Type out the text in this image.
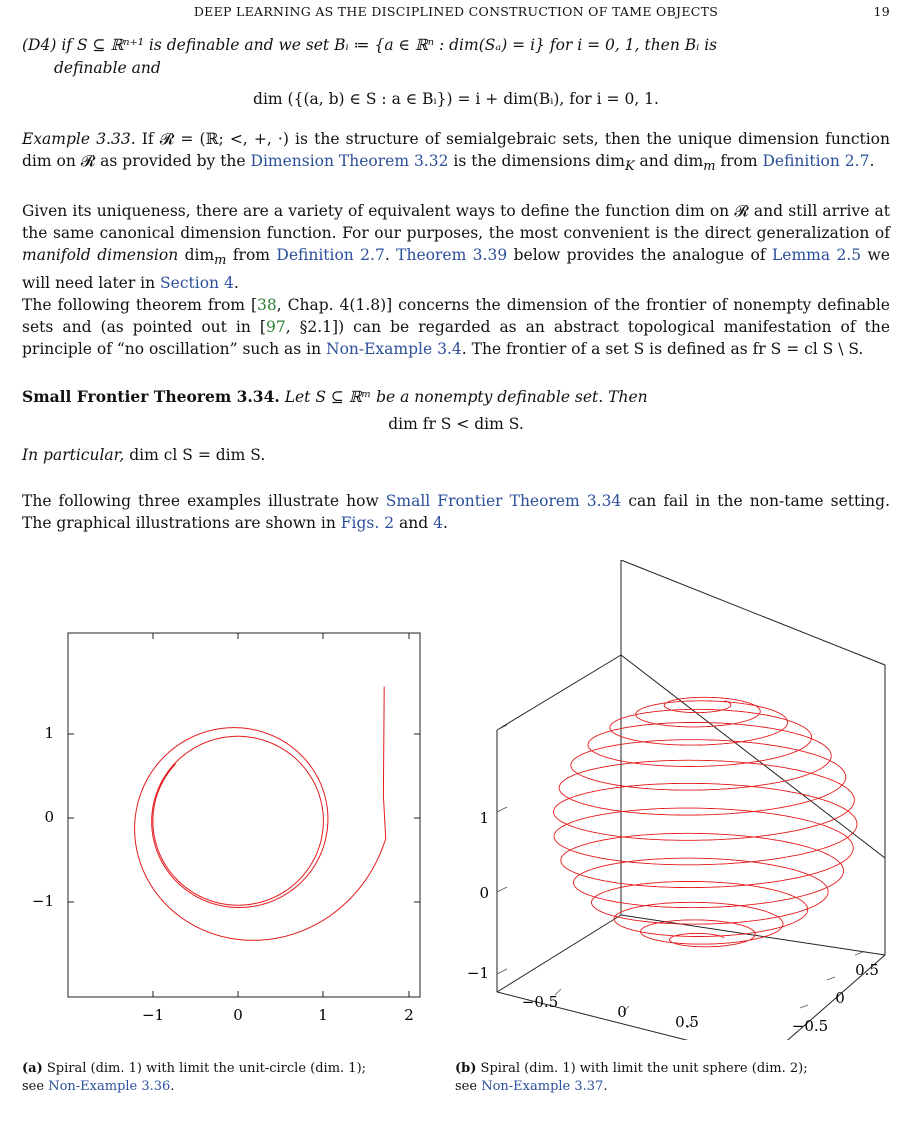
DEEP LEARNING AS THE DISCIPLINED CONSTRUCTION OF TAME OBJECTS	19
(D4) if S ⊆ ℝⁿ⁺¹ is definable and we set Bᵢ ≔ {a ∈ ℝⁿ : dim(Sₐ) = i} for i = 0, 1, then Bᵢ is
definable and
dim ({(a, b) ∈ S : a ∈ Bᵢ}) = i + dim(Bᵢ), for i = 0, 1.
Example 3.33. If 𝓡 = (ℝ; <, +, ·) is the structure of semialgebraic sets, then the unique dimension function dim on 𝓡 as provided by the Dimension Theorem 3.32 is the dimensions dim$_K$ and dim$_m$ from Definition 2.7.
Given its uniqueness, there are a variety of equivalent ways to define the function dim on 𝓡 and still arrive at the same canonical dimension function. For our purposes, the most convenient is the direct generalization of manifold dimension dim$_m$ from Definition 2.7. Theorem 3.39 below provides the analogue of Lemma 2.5 we will need later in Section 4.
The following theorem from [38, Chap. 4(1.8)] concerns the dimension of the frontier of nonempty definable sets and (as pointed out in [97, §2.1]) can be regarded as an abstract topological manifestation of the principle of “no oscillation” such as in Non-Example 3.4. The frontier of a set S is defined as fr S = cl S \ S.
Small Frontier Theorem 3.34. Let S ⊆ ℝᵐ be a nonempty definable set. Then
dim fr S < dim S.
In particular, dim cl S = dim S.
The following three examples illustrate how Small Frontier Theorem 3.34 can fail in the non-tame setting. The graphical illustrations are shown in Figs. 2 and 4.
−1	0	1	2
1
0
−1
1
0
−1
−0.5
0
0.5
0.5
0
−0.5
(a) Spiral (dim. 1) with limit the unit-circle (dim. 1);
see Non-Example 3.36.
(b) Spiral (dim. 1) with limit the unit sphere (dim. 2);
see Non-Example 3.37.
